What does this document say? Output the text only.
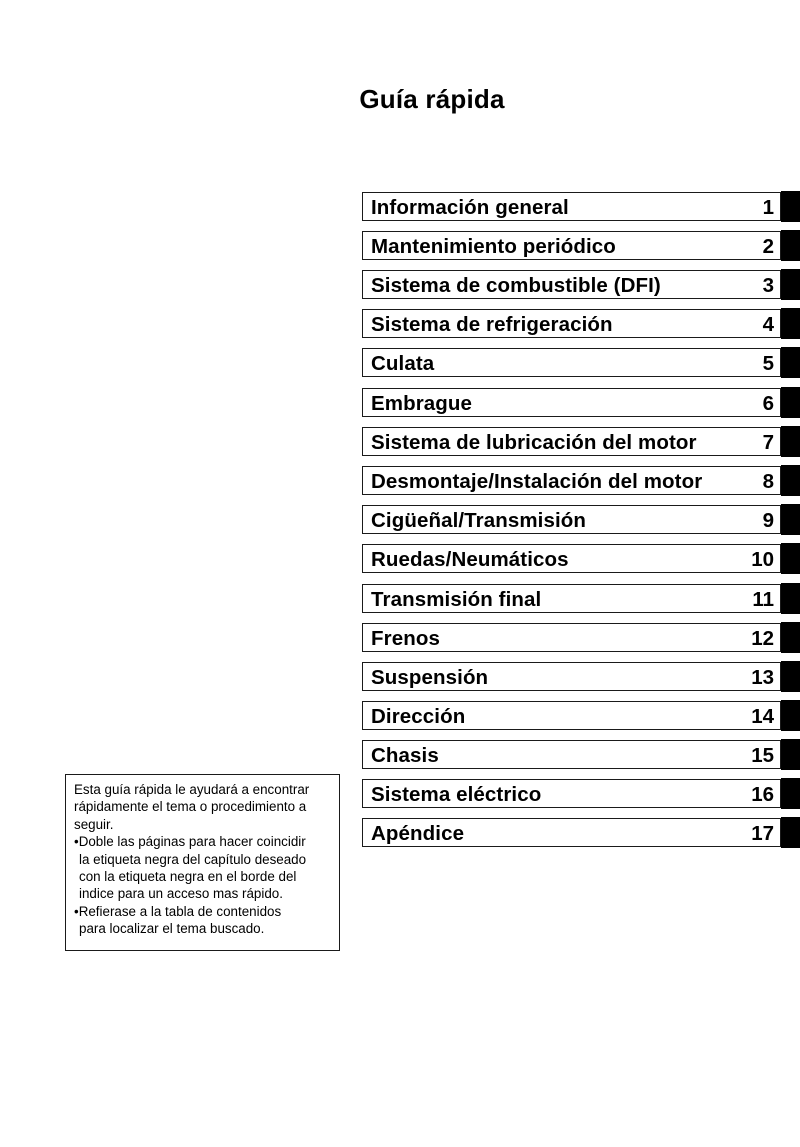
Guía rápida
Información general	1
Mantenimiento periódico	2
Sistema de combustible (DFI)	3
Sistema de refrigeración	4
Culata	5
Embrague	6
Sistema de lubricación del motor	7
Desmontaje/Instalación del motor	8
Cigüeñal/Transmisión	9
Ruedas/Neumáticos	10
Transmisión final	11
Frenos	12
Suspensión	13
Dirección	14
Chasis	15
Sistema eléctrico	16
Apéndice	17
Esta guía rápida le ayudará a encontrar
rápidamente el tema o procedimiento a
seguir.
•Doble las páginas para hacer coincidir
la etiqueta negra del capítulo deseado
con la etiqueta negra en el borde del
indice para un acceso mas rápido.
•Refierase a la tabla de contenidos
para localizar el tema buscado.
